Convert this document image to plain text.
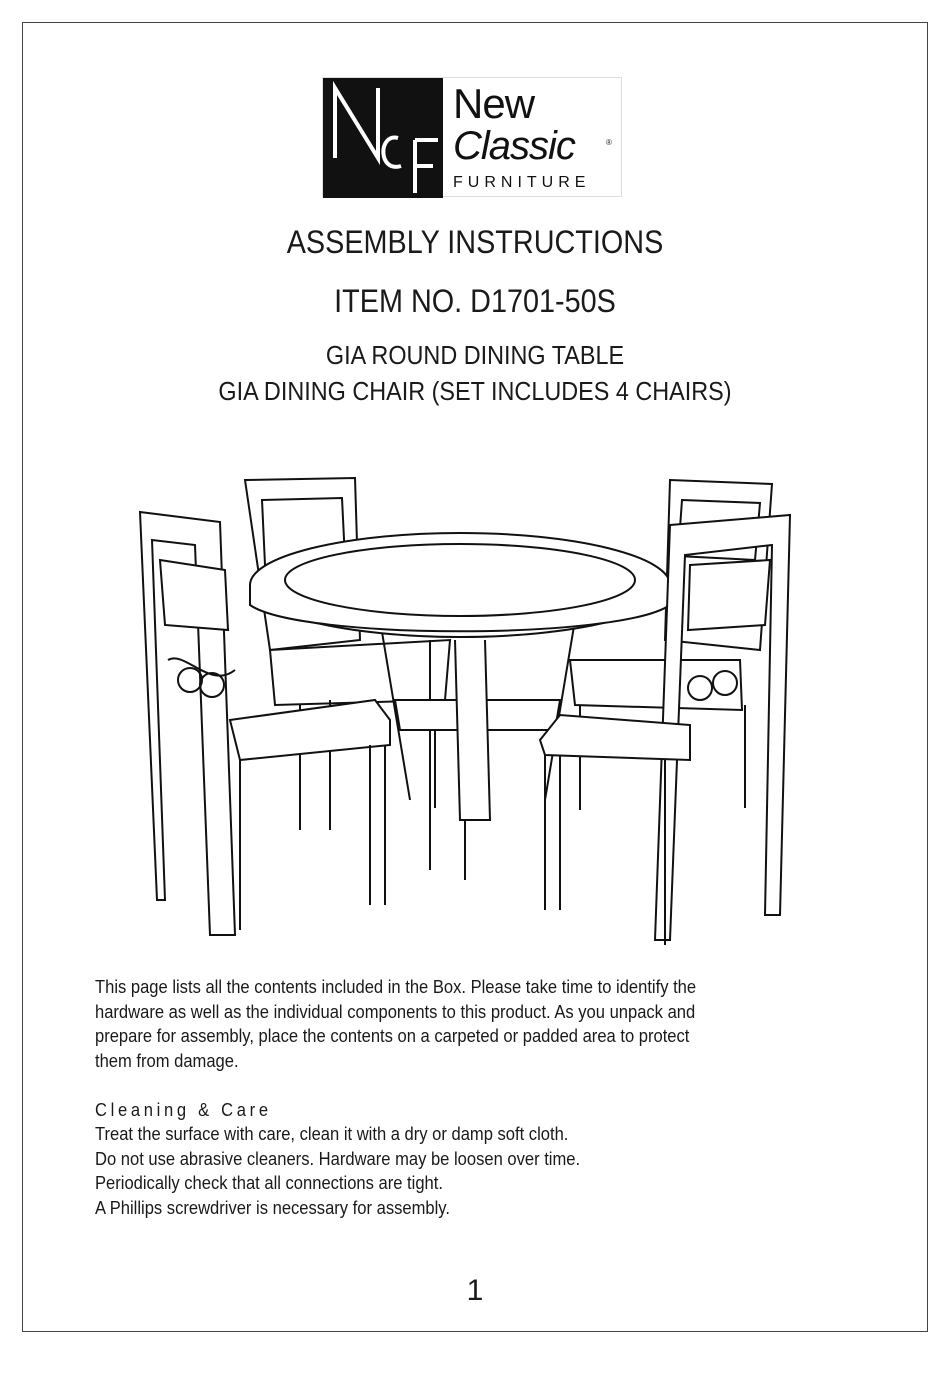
New
Classic	®
FURNITURE
ASSEMBLY INSTRUCTIONS
ITEM NO. D1701-50S
GIA ROUND DINING TABLE
GIA DINING CHAIR (SET INCLUDES 4 CHAIRS)
This page lists all the contents included in the Box. Please take time to identify the
hardware as well as the individual components to this product. As you unpack and
prepare for assembly, place the contents on a carpeted or padded area to protect
them from damage.
Cleaning & Care
Treat the surface with care, clean it with a dry or damp soft cloth.
Do not use abrasive cleaners. Hardware may be loosen over time.
Periodically check that all connections are tight.
A Phillips screwdriver is necessary for assembly.
1
